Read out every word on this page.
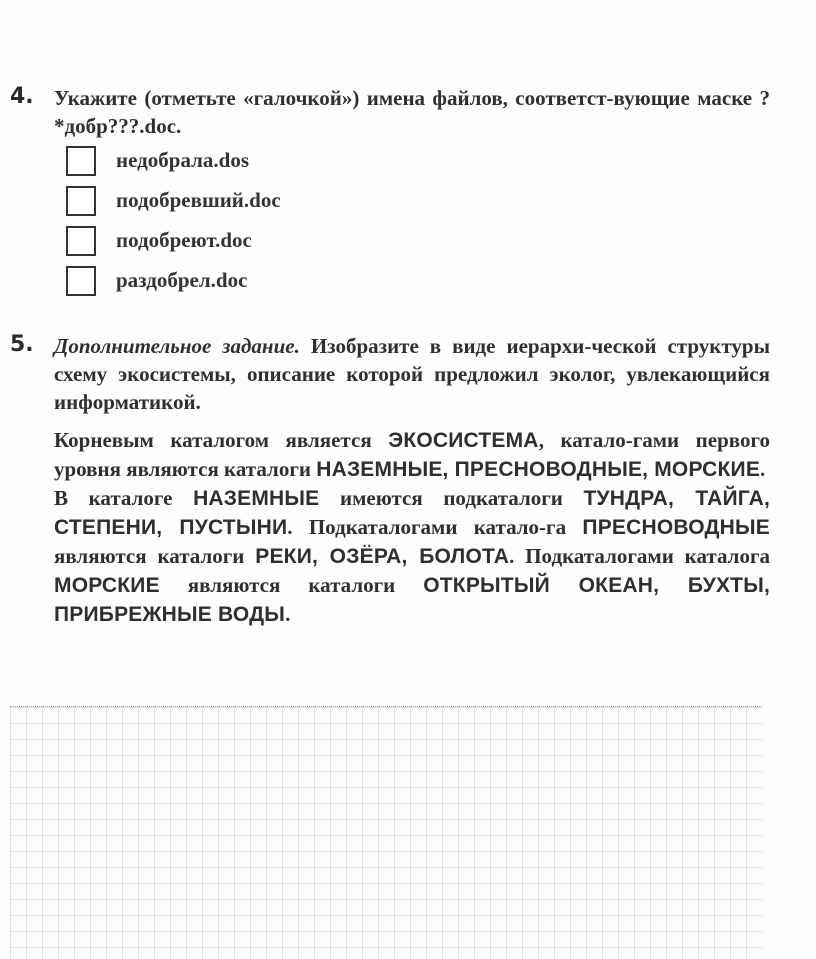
4. Укажите (отметьте «галочкой») имена файлов, соответст-вующие маске ?*добр???.doc.
недобрала.dos
подобревший.doc
подобреют.doc
раздобрел.doc
5. Дополнительное задание. Изобразите в виде иерархи-ческой структуры схему экосистемы, описание которой предложил эколог, увлекающийся информатикой.

Корневым каталогом является ЭКОСИСТЕМА, катало-гами первого уровня являются каталоги НАЗЕМНЫЕ, ПРЕСНОВОДНЫЕ, МОРСКИЕ.

В каталоге НАЗЕМНЫЕ имеются подкаталоги ТУНДРА, ТАЙГА, СТЕПЕНИ, ПУСТЫНИ. Подкаталогами катало-га ПРЕСНОВОДНЫЕ являются каталоги РЕКИ, ОЗЁРА, БОЛОТА. Подкаталогами каталога МОРСКИЕ являются каталоги ОТКРЫТЫЙ ОКЕАН, БУХТЫ, ПРИБРЕЖНЫЕ ВОДЫ.
